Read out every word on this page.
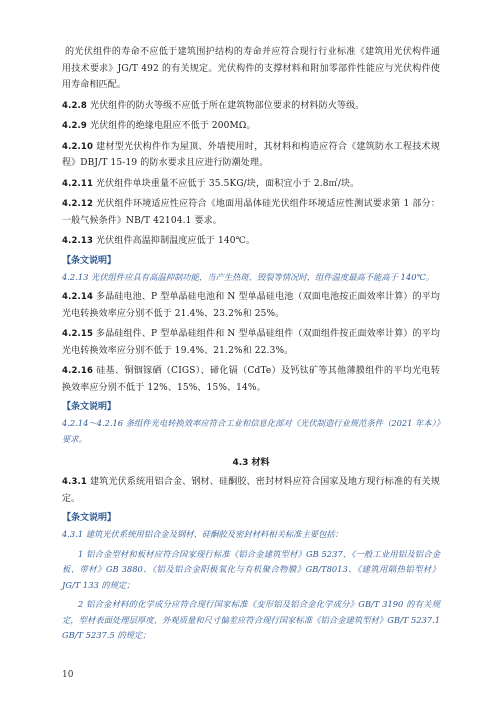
的光伏组件的寿命不应低于建筑围护结构的寿命并应符合现行行业标准《建筑用光伏构件通用技术要求》JG/T 492 的有关规定。光伏构件的支撑材料和附加零部件性能应与光伏构件使用寿命相匹配。

4.2.8 光伏组件的防火等级不应低于所在建筑物部位要求的材料防火等级。

4.2.9 光伏组件的绝缘电阻应不低于 200MΩ。

4.2.10 建材型光伏构件作为屋顶、外墙使用时，其材料和构造应符合《建筑防水工程技术规程》DBJ/T 15-19 的防水要求且应进行防潮处理。

4.2.11 光伏组件单块重量不应低于 35.5KG/块，面积宜小于 2.8㎡/块。

4.2.12 光伏组件环境适应性应符合《地面用晶体硅光伏组件环境适应性测试要求第 1 部分：一般气候条件》NB/T 42104.1 要求。

4.2.13 光伏组件高温抑制温度应低于 140℃。

【条文说明】

4.2.13 光伏组件应具有高温抑制功能，当产生热斑、毁裂等情况时，组件温度最高不能高于 140℃。

4.2.14 多晶硅电池、P 型单晶硅电池和 N 型单晶硅电池（双面电池按正面效率计算）的平均光电转换效率应分别不低于 21.4%、23.2%和 25%。

4.2.15 多晶硅组件、P 型单晶硅组件和 N 型单晶硅组件（双面组件按正面效率计算）的平均光电转换效率应分别不低于 19.4%、21.2%和 22.3%。

4.2.16 硅基、铜铟镓硒（CIGS）、碲化镉（CdTe）及钙钛矿等其他薄膜组件的平均光电转换效率应分别不低于 12%、15%、15%、14%。

【条文说明】

4.2.14～4.2.16 条组件光电转换效率应符合工业和信息化部对《光伏制造行业规范条件（2021 年本）》要求。

4.3 材料

4.3.1 建筑光伏系统用铝合金、钢材、硅酮胶、密封材料应符合国家及地方现行标准的有关规定。

【条文说明】

4.3.1 建筑光伏系统用铝合金及钢材、硅酮胶及密封材料相关标准主要包括：

1 铝合金型材和板材应符合国家现行标准《铝合金建筑型材》GB 5237、《一般工业用铝及铝合金板、带材》GB 3880、《铝及铝合金阳极氧化与有机聚合物膜》GB/T8013、《建筑用隔热铝型材》JG/T 133 的规定；

2 铝合金材料的化学成分应符合现行国家标准《变形铝及铝合金化学成分》GB/T 3190 的有关规定，型材表面处理层厚度、外观质量和尺寸偏差应符合现行国家标准《铝合金建筑型材》GB/T 5237.1 GB/T 5237.5 的规定；

10
